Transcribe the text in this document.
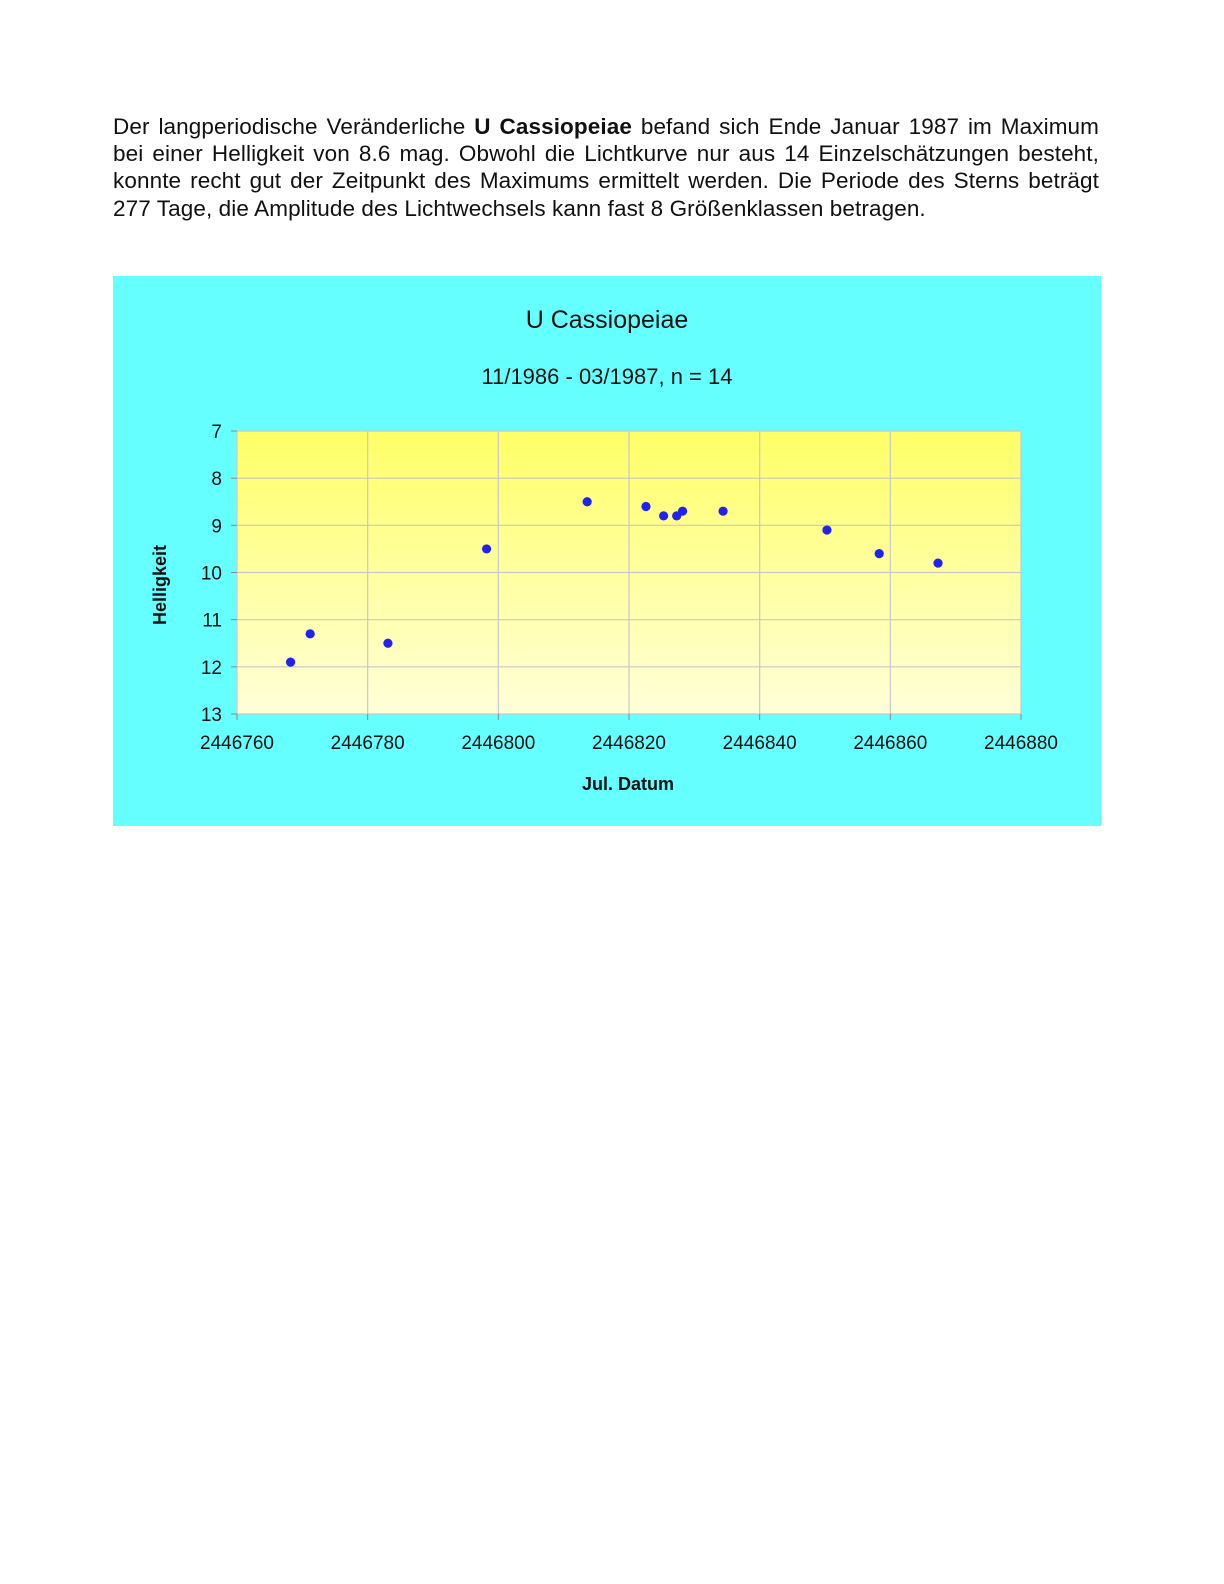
Der langperiodische Veränderliche U Cassiopeiae befand sich Ende Januar 1987 im Maximum bei einer Helligkeit von 8.6 mag. Obwohl die Lichtkurve nur aus 14 Einzelschätzungen besteht, konnte recht gut der Zeitpunkt des Maximums ermittelt werden. Die Periode des Sterns beträgt 277 Tage, die Amplitude des Lichtwechsels kann fast 8 Größenklassen betragen.
U Cassiopeiae
11/1986 - 03/1987, n = 14
2446760	2446780	2446800	2446820	2446840	2446860	2446880
7
8
9
10
11
12
13
Jul. Datum
Helligkeit
